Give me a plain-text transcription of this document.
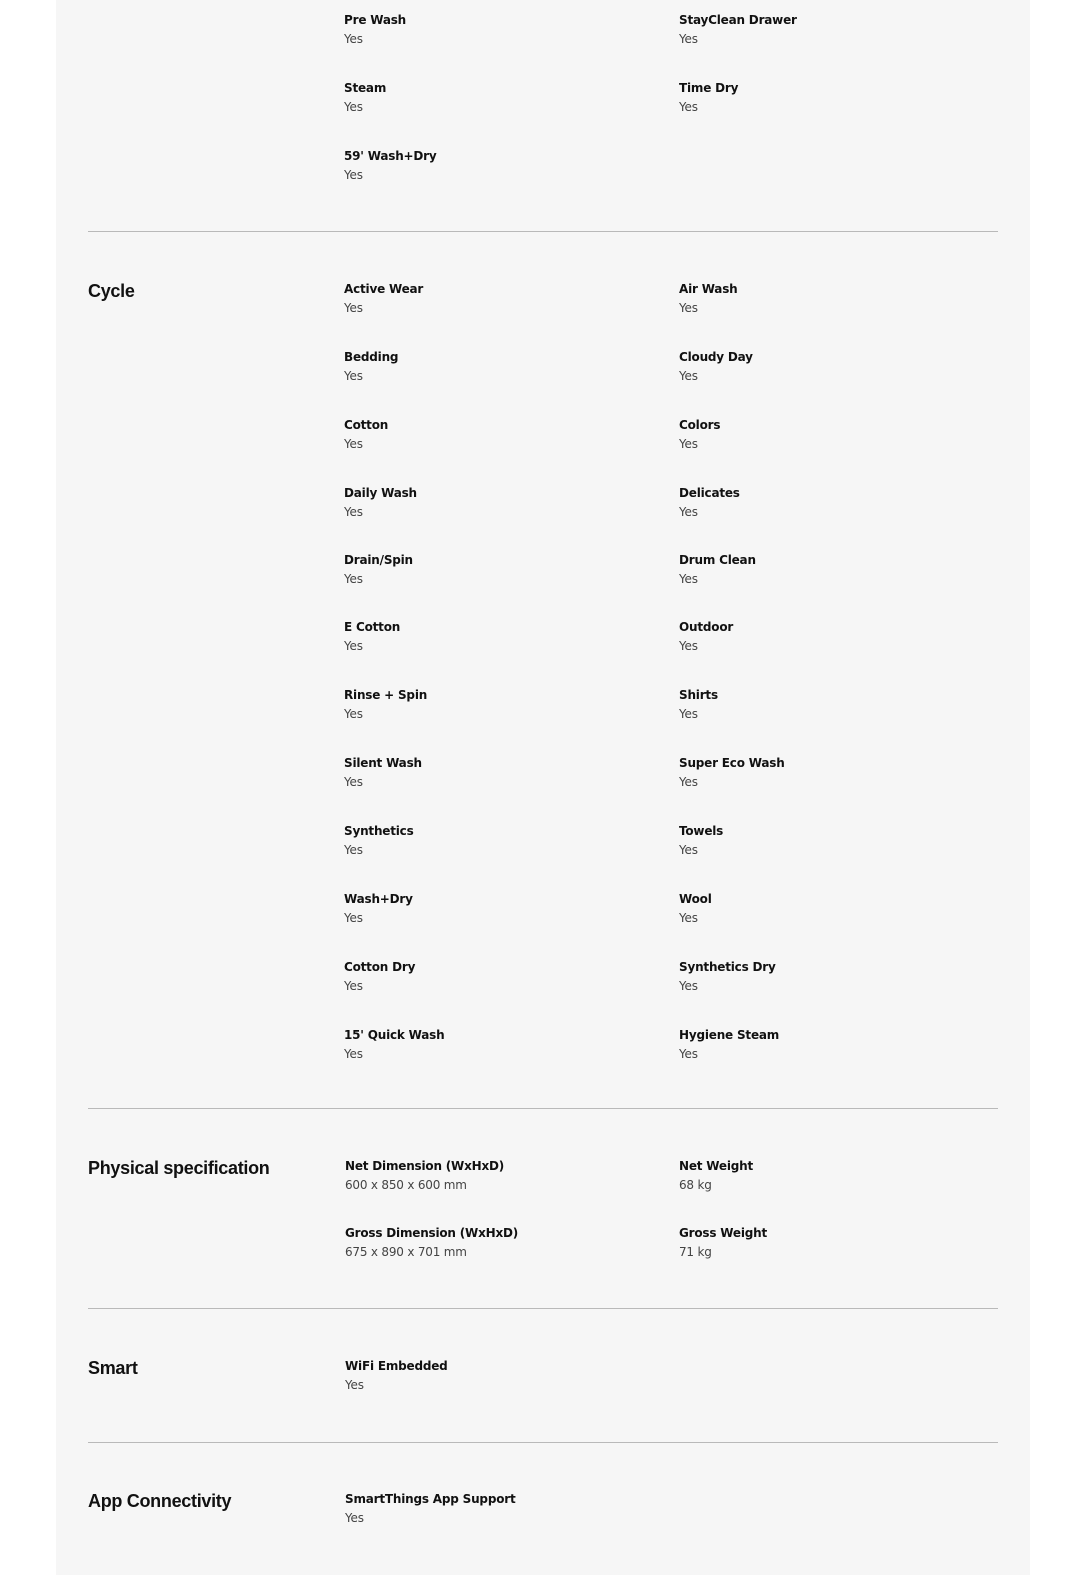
Pre Wash
Yes
StayClean Drawer
Yes
Steam
Yes
Time Dry
Yes
59' Wash+Dry
Yes
Cycle	Active Wear
Yes
Air Wash
Yes
Bedding
Yes
Cloudy Day
Yes
Cotton
Yes
Colors
Yes
Daily Wash
Yes
Delicates
Yes
Drain/Spin
Yes
Drum Clean
Yes
E Cotton
Yes
Outdoor
Yes
Rinse + Spin
Yes
Shirts
Yes
Silent Wash
Yes
Super Eco Wash
Yes
Synthetics
Yes
Towels
Yes
Wash+Dry
Yes
Wool
Yes
Cotton Dry
Yes
Synthetics Dry
Yes
15' Quick Wash
Yes
Hygiene Steam
Yes
Physical specification	Net Dimension (WxHxD)
600 x 850 x 600 mm
Net Weight
68 kg
Gross Dimension (WxHxD)
675 x 890 x 701 mm
Gross Weight
71 kg
Smart	WiFi Embedded
Yes
App Connectivity	SmartThings App Support
Yes
